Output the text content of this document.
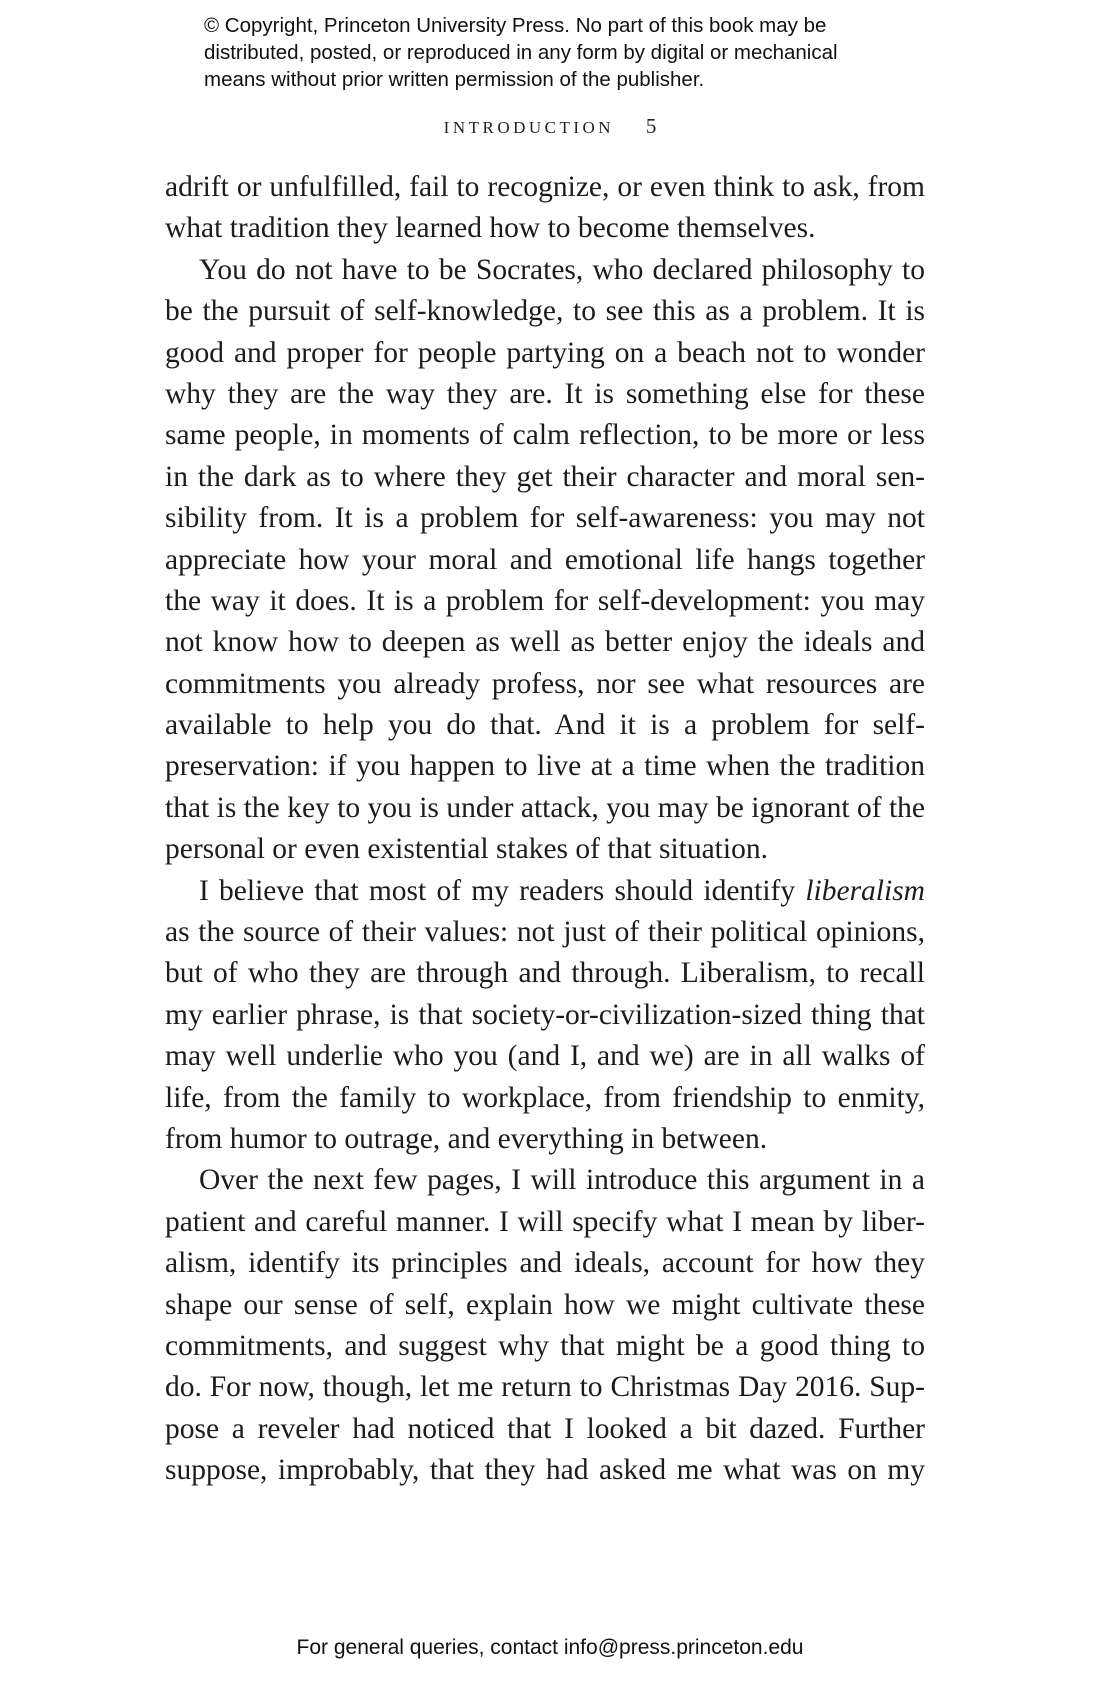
© Copyright, Princeton University Press. No part of this book may be
distributed, posted, or reproduced in any form by digital or mechanical
means without prior written permission of the publisher.
INTRODUCTION 5
adrift or unfulfilled, fail to recognize, or even think to ask, from
what tradition they learned how to become themselves.
You do not have to be Socrates, who declared philosophy to
be the pursuit of self-knowledge, to see this as a problem. It is
good and proper for people partying on a beach not to wonder
why they are the way they are. It is something else for these
same people, in moments of calm reflection, to be more or less
in the dark as to where they get their character and moral sen-
sibility from. It is a problem for self-awareness: you may not
appreciate how your moral and emotional life hangs together
the way it does. It is a problem for self-development: you may
not know how to deepen as well as better enjoy the ideals and
commitments you already profess, nor see what resources are
available to help you do that. And it is a problem for self-
preservation: if you happen to live at a time when the tradition
that is the key to you is under attack, you may be ignorant of the
personal or even existential stakes of that situation.
I believe that most of my readers should identify liberalism
as the source of their values: not just of their political opinions,
but of who they are through and through. Liberalism, to recall
my earlier phrase, is that society-or-civilization-sized thing that
may well underlie who you (and I, and we) are in all walks of
life, from the family to workplace, from friendship to enmity,
from humor to outrage, and everything in between.
Over the next few pages, I will introduce this argument in a
patient and careful manner. I will specify what I mean by liber-
alism, identify its principles and ideals, account for how they
shape our sense of self, explain how we might cultivate these
commitments, and suggest why that might be a good thing to
do. For now, though, let me return to Christmas Day 2016. Sup-
pose a reveler had noticed that I looked a bit dazed. Further
suppose, improbably, that they had asked me what was on my
For general queries, contact info@press.princeton.edu
